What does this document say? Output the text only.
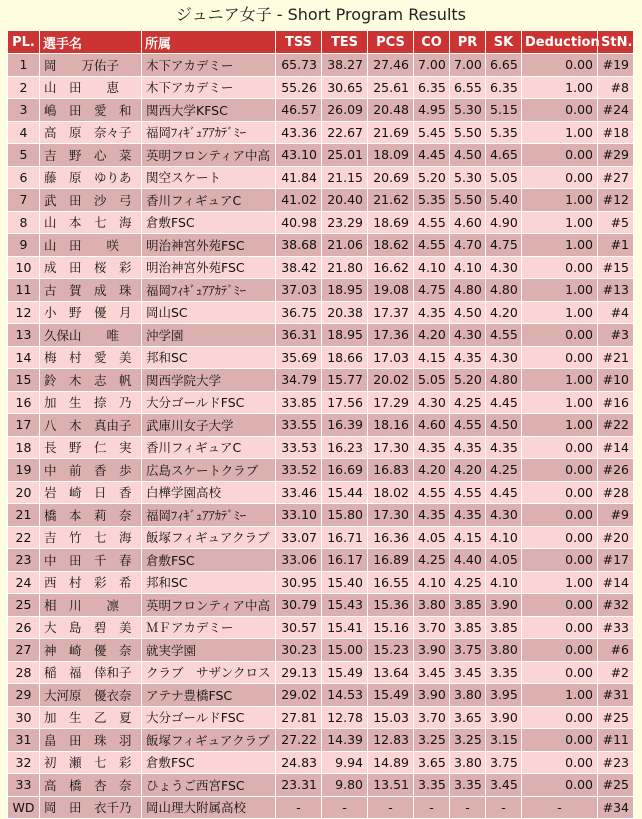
ジュニア女子 - Short Program Results
PL.	選手名	所属	TSS	TES	PCS	CO	PR	SK	Deduction	StN.
1	岡　　万佑子	木下アカデミー	65.73	38.27	27.46	7.00	7.00	6.65	0.00	#19
2	山　田　　恵	木下アカデミー	55.26	30.65	25.61	6.35	6.55	6.35	1.00	#8
3	嶋　田　愛　和	関西大学KFSC	46.57	26.09	20.48	4.95	5.30	5.15	0.00	#24
4	高　原　奈々子	福岡ﾌｨｷﾞｭｱｱｶﾃﾞﾐｰ	43.36	22.67	21.69	5.45	5.50	5.35	1.00	#18
5	吉　野　心　菜	英明フロンティア中高	43.10	25.01	18.09	4.45	4.50	4.65	0.00	#29
6	藤　原　ゆりあ	関空スケート	41.84	21.15	20.69	5.20	5.30	5.05	0.00	#27
7	武　田　沙　弓	香川フィギュアC	41.02	20.40	21.62	5.35	5.50	5.40	1.00	#12
8	山　本　七　海	倉敷FSC	40.98	23.29	18.69	4.55	4.60	4.90	1.00	#5
9	山　田　　咲	明治神宮外苑FSC	38.68	21.06	18.62	4.55	4.70	4.75	1.00	#1
10	成　田　桜　彩	明治神宮外苑FSC	38.42	21.80	16.62	4.10	4.10	4.30	0.00	#15
11	古　賀　成　珠	福岡ﾌｨｷﾞｭｱｱｶﾃﾞﾐｰ	37.03	18.95	19.08	4.75	4.80	4.80	1.00	#13
12	小　野　優　月	岡山SC	36.75	20.38	17.37	4.35	4.50	4.20	1.00	#4
13	久保山　　唯	沖学園	36.31	18.95	17.36	4.20	4.30	4.55	0.00	#3
14	梅　村　愛　美	邦和SC	35.69	18.66	17.03	4.15	4.35	4.30	0.00	#21
15	鈴　木　志　帆	関西学院大学	34.79	15.77	20.02	5.05	5.20	4.80	1.00	#10
16	加　生　捺　乃	大分ゴールドFSC	33.85	17.56	17.29	4.30	4.25	4.45	1.00	#16
17	八　木　真由子	武庫川女子大学	33.55	16.39	18.16	4.60	4.55	4.50	1.00	#22
18	長　野　仁　実	香川フィギュアC	33.53	16.23	17.30	4.35	4.35	4.35	0.00	#14
19	中　前　香　歩	広島スケートクラブ	33.52	16.69	16.83	4.20	4.20	4.25	0.00	#26
20	岩　崎　日　香	白樺学園高校	33.46	15.44	18.02	4.55	4.55	4.45	0.00	#28
21	橋　本　莉　奈	福岡ﾌｨｷﾞｭｱｱｶﾃﾞﾐｰ	33.10	15.80	17.30	4.35	4.35	4.30	0.00	#9
22	吉　竹　七　海	飯塚フィギュアクラブ	33.07	16.71	16.36	4.05	4.15	4.10	0.00	#20
23	中　田　千　春	倉敷FSC	33.06	16.17	16.89	4.25	4.40	4.05	0.00	#17
24	西　村　彩　希	邦和SC	30.95	15.40	16.55	4.10	4.25	4.10	1.00	#14
25	相　川　　凛	英明フロンティア中高	30.79	15.43	15.36	3.80	3.85	3.90	0.00	#32
26	大　島　碧　美	ＭＦアカデミー	30.57	15.41	15.16	3.70	3.85	3.85	0.00	#33
27	神　崎　優　奈	就実学園	30.23	15.00	15.23	3.90	3.75	3.80	0.00	#6
28	稲　福　倖和子	クラブ　サザンクロス	29.13	15.49	13.64	3.45	3.45	3.35	0.00	#2
29	大河原　優衣奈	アテナ豊橋FSC	29.02	14.53	15.49	3.90	3.80	3.95	1.00	#31
30	加　生　乙　夏	大分ゴールドFSC	27.81	12.78	15.03	3.70	3.65	3.90	0.00	#25
31	畠　田　珠　羽	飯塚フィギュアクラブ	27.22	14.39	12.83	3.25	3.25	3.15	0.00	#11
32	初　瀬　七　彩	倉敷FSC	24.83	9.94	14.89	3.65	3.80	3.75	0.00	#23
33	高　橋　杏　奈	ひょうご西宮FSC	23.31	9.80	13.51	3.35	3.35	3.45	0.00	#25
WD	岡　田　衣千乃	岡山理大附属高校	-	-	-	-	-	-	-	#34
